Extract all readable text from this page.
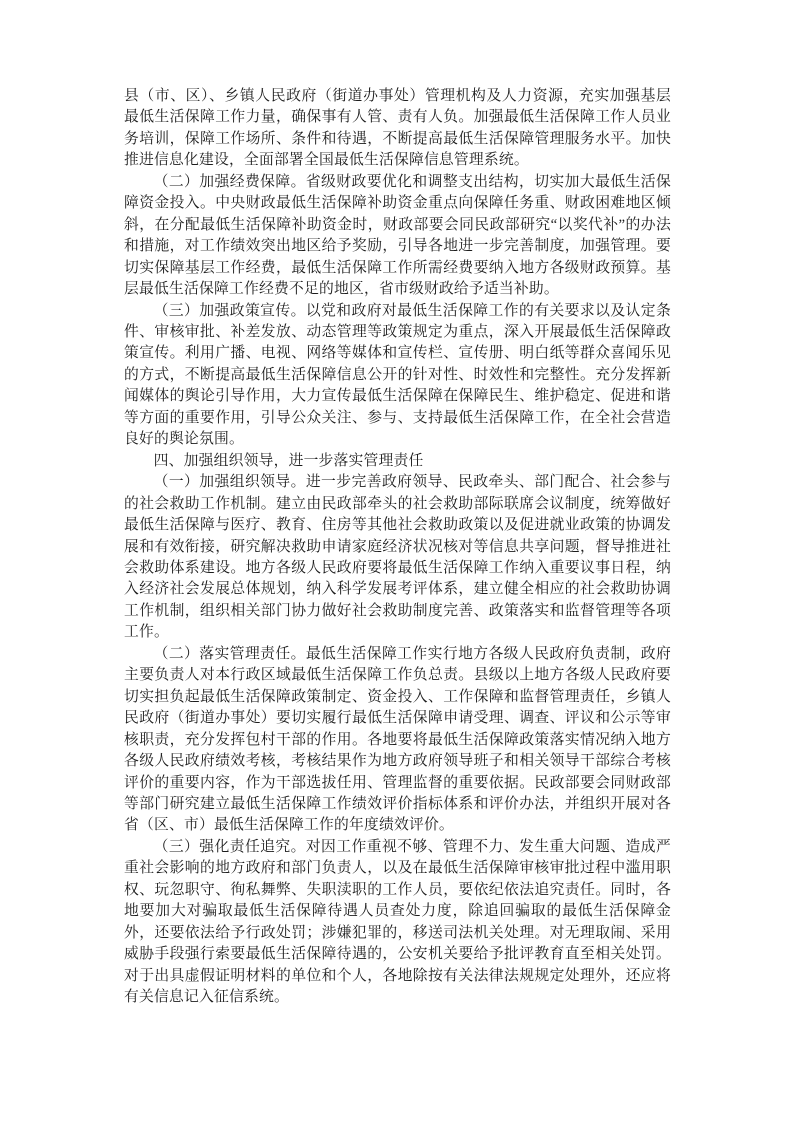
县（市、区）、乡镇人民政府（街道办事处）管理机构及人力资源，充实加强基层最低生活保障工作力量，确保事有人管、责有人负。加强最低生活保障工作人员业务培训，保障工作场所、条件和待遇，不断提高最低生活保障管理服务水平。加快推进信息化建设，全面部署全国最低生活保障信息管理系统。

（二）加强经费保障。省级财政要优化和调整支出结构，切实加大最低生活保障资金投入。中央财政最低生活保障补助资金重点向保障任务重、财政困难地区倾斜，在分配最低生活保障补助资金时，财政部要会同民政部研究“以奖代补”的办法和措施，对工作绩效突出地区给予奖励，引导各地进一步完善制度，加强管理。要切实保障基层工作经费，最低生活保障工作所需经费要纳入地方各级财政预算。基层最低生活保障工作经费不足的地区，省市级财政给予适当补助。

（三）加强政策宣传。以党和政府对最低生活保障工作的有关要求以及认定条件、审核审批、补差发放、动态管理等政策规定为重点，深入开展最低生活保障政策宣传。利用广播、电视、网络等媒体和宣传栏、宣传册、明白纸等群众喜闻乐见的方式，不断提高最低生活保障信息公开的针对性、时效性和完整性。充分发挥新闻媒体的舆论引导作用，大力宣传最低生活保障在保障民生、维护稳定、促进和谐等方面的重要作用，引导公众关注、参与、支持最低生活保障工作，在全社会营造良好的舆论氛围。

四、加强组织领导，进一步落实管理责任

（一）加强组织领导。进一步完善政府领导、民政牵头、部门配合、社会参与的社会救助工作机制。建立由民政部牵头的社会救助部际联席会议制度，统筹做好最低生活保障与医疗、教育、住房等其他社会救助政策以及促进就业政策的协调发展和有效衔接，研究解决救助申请家庭经济状况核对等信息共享问题，督导推进社会救助体系建设。地方各级人民政府要将最低生活保障工作纳入重要议事日程，纳入经济社会发展总体规划，纳入科学发展考评体系，建立健全相应的社会救助协调工作机制，组织相关部门协力做好社会救助制度完善、政策落实和监督管理等各项工作。

（二）落实管理责任。最低生活保障工作实行地方各级人民政府负责制，政府主要负责人对本行政区域最低生活保障工作负总责。县级以上地方各级人民政府要切实担负起最低生活保障政策制定、资金投入、工作保障和监督管理责任，乡镇人民政府（街道办事处）要切实履行最低生活保障申请受理、调查、评议和公示等审核职责，充分发挥包村干部的作用。各地要将最低生活保障政策落实情况纳入地方各级人民政府绩效考核，考核结果作为地方政府领导班子和相关领导干部综合考核评价的重要内容，作为干部选拔任用、管理监督的重要依据。民政部要会同财政部等部门研究建立最低生活保障工作绩效评价指标体系和评价办法，并组织开展对各省（区、市）最低生活保障工作的年度绩效评价。

（三）强化责任追究。对因工作重视不够、管理不力、发生重大问题、造成严重社会影响的地方政府和部门负责人，以及在最低生活保障审核审批过程中滥用职权、玩忽职守、徇私舞弊、失职渎职的工作人员，要依纪依法追究责任。同时，各地要加大对骗取最低生活保障待遇人员查处力度，除追回骗取的最低生活保障金外，还要依法给予行政处罚；涉嫌犯罪的，移送司法机关处理。对无理取闹、采用威胁手段强行索要最低生活保障待遇的，公安机关要给予批评教育直至相关处罚。对于出具虚假证明材料的单位和个人，各地除按有关法律法规规定处理外，还应将有关信息记入征信系统。
